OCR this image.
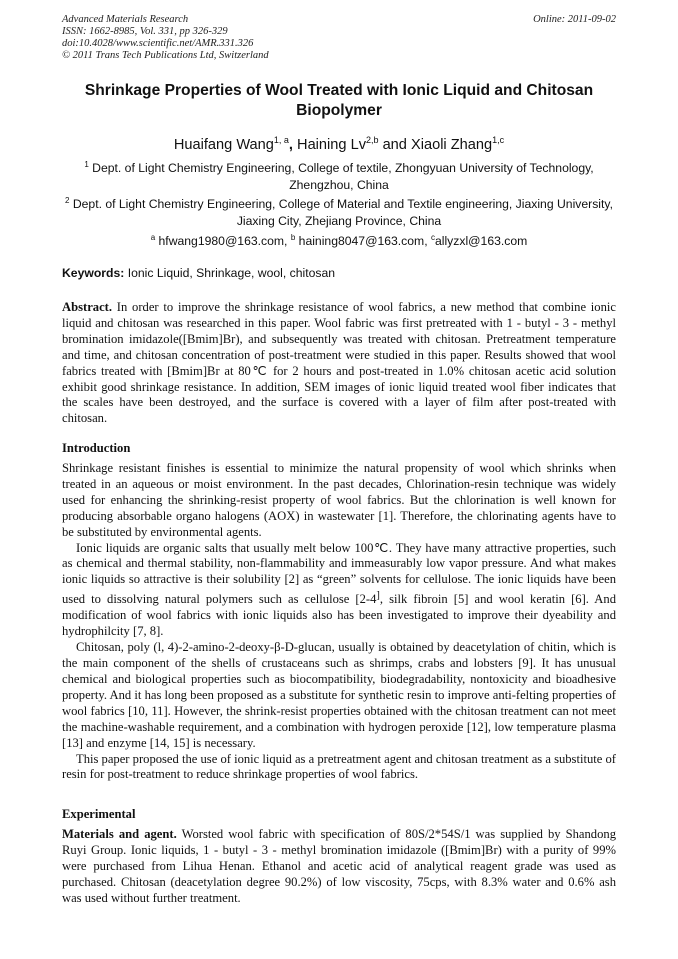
Advanced Materials Research
ISSN: 1662-8985, Vol. 331, pp 326-329
doi:10.4028/www.scientific.net/AMR.331.326
© 2011 Trans Tech Publications Ltd, Switzerland
Online: 2011-09-02
Shrinkage Properties of Wool Treated with Ionic Liquid and Chitosan Biopolymer
Huaifang Wang$^{1, a}$, Haining Lv$^{2,b}$ and Xiaoli Zhang$^{1,c}$
$^1$ Dept. of Light Chemistry Engineering, College of textile, Zhongyuan University of Technology, Zhengzhou, China
$^2$ Dept. of Light Chemistry Engineering, College of Material and Textile engineering, Jiaxing University, Jiaxing City, Zhejiang Province, China
$^a$ hfwang1980@163.com, $^b$ haining8047@163.com, $^c$allyzxl@163.com
Keywords: Ionic Liquid, Shrinkage, wool, chitosan
Abstract. In order to improve the shrinkage resistance of wool fabrics, a new method that combine ionic liquid and chitosan was researched in this paper. Wool fabric was first pretreated with 1 - butyl - 3 - methyl bromination imidazole([Bmim]Br), and subsequently was treated with chitosan. Pretreatment temperature and time, and chitosan concentration of post-treatment were studied in this paper. Results showed that wool fabrics treated with [Bmim]Br at 80℃ for 2 hours and post-treated in 1.0% chitosan acetic acid solution exhibit good shrinkage resistance. In addition, SEM images of ionic liquid treated wool fiber indicates that the scales have been destroyed, and the surface is covered with a layer of film after post-treated with chitosan.
Introduction

Shrinkage resistant finishes is essential to minimize the natural propensity of wool which shrinks when treated in an aqueous or moist environment. In the past decades, Chlorination-resin technique was widely used for enhancing the shrinking-resist property of wool fabrics. But the chlorination is well known for producing absorbable organo halogens (AOX) in wastewater [1]. Therefore, the chlorinating agents have to be substituted by environmental agents.

Ionic liquids are organic salts that usually melt below 100℃. They have many attractive properties, such as chemical and thermal stability, non-flammability and immeasurably low vapor pressure. And what makes ionic liquids so attractive is their solubility [2] as “green” solvents for cellulose. The ionic liquids have been used to dissolving natural polymers such as cellulose [2-4], silk fibroin [5] and wool keratin [6]. And modification of wool fabrics with ionic liquids also has been investigated to improve their dyeability and hydrophilcity [7, 8].

Chitosan, poly (l, 4)-2-amino-2-deoxy-β-D-glucan, usually is obtained by deacetylation of chitin, which is the main component of the shells of crustaceans such as shrimps, crabs and lobsters [9]. It has unusual chemical and biological properties such as biocompatibility, biodegradability, nontoxicity and bioadhesive property. And it has long been proposed as a substitute for synthetic resin to improve anti-felting properties of wool fabrics [10, 11]. However, the shrink-resist properties obtained with the chitosan treatment can not meet the machine-washable requirement, and a combination with hydrogen peroxide [12], low temperature plasma [13] and enzyme [14, 15] is necessary.

This paper proposed the use of ionic liquid as a pretreatment agent and chitosan treatment as a substitute of resin for post-treatment to reduce shrinkage properties of wool fabrics.

Experimental
Materials and agent. Worsted wool fabric with specification of 80S/2*54S/1 was supplied by Shandong Ruyi Group. Ionic liquids, 1 - butyl - 3 - methyl bromination imidazole ([Bmim]Br) with a purity of 99% were purchased from Lihua Henan. Ethanol and acetic acid of analytical reagent grade was used as purchased. Chitosan (deacetylation degree 90.2%) of low viscosity, 75cps, with 8.3% water and 0.6% ash was used without further treatment.
